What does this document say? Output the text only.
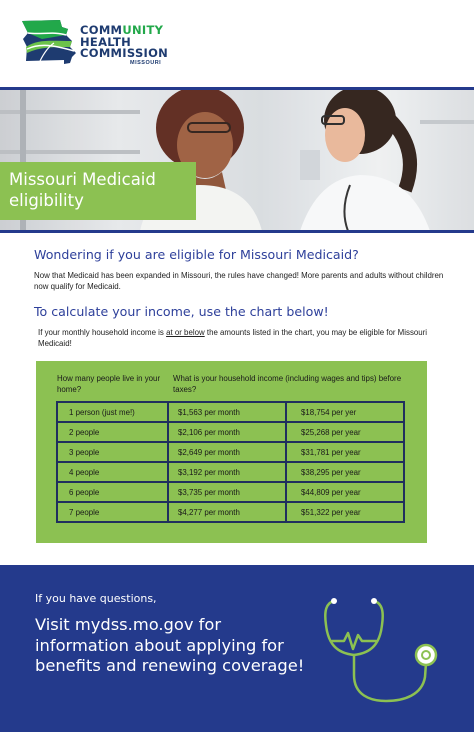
COMMUNITY
HEALTH
COMMISSION
MISSOURI
Missouri Medicaid
eligibility
Wondering if you are eligible for Missouri Medicaid?
Now that Medicaid has been expanded in Missouri, the rules have changed! More parents and adults without children now qualify for Medicaid.
To calculate your income, use the chart below!
If your monthly household income is at or below the amounts listed in the chart, you may be eligible for Missouri Medicaid!
How many people live in your home?
What is your household income (including wages and tips) before taxes?
1 person (just me!)	$1,563 per month	$18,754 per yer
2 people	$2,106 per month	$25,268 per year
3 people	$2,649 per month	$31,781 per year
4 people	$3,192 per month	$38,295 per year
6 people	$3,735 per month	$44,809 per year
7 people	$4,277 per month	$51,322 per year
If you have questions,
Visit mydss.mo.gov for information about applying for benefits and renewing coverage!
